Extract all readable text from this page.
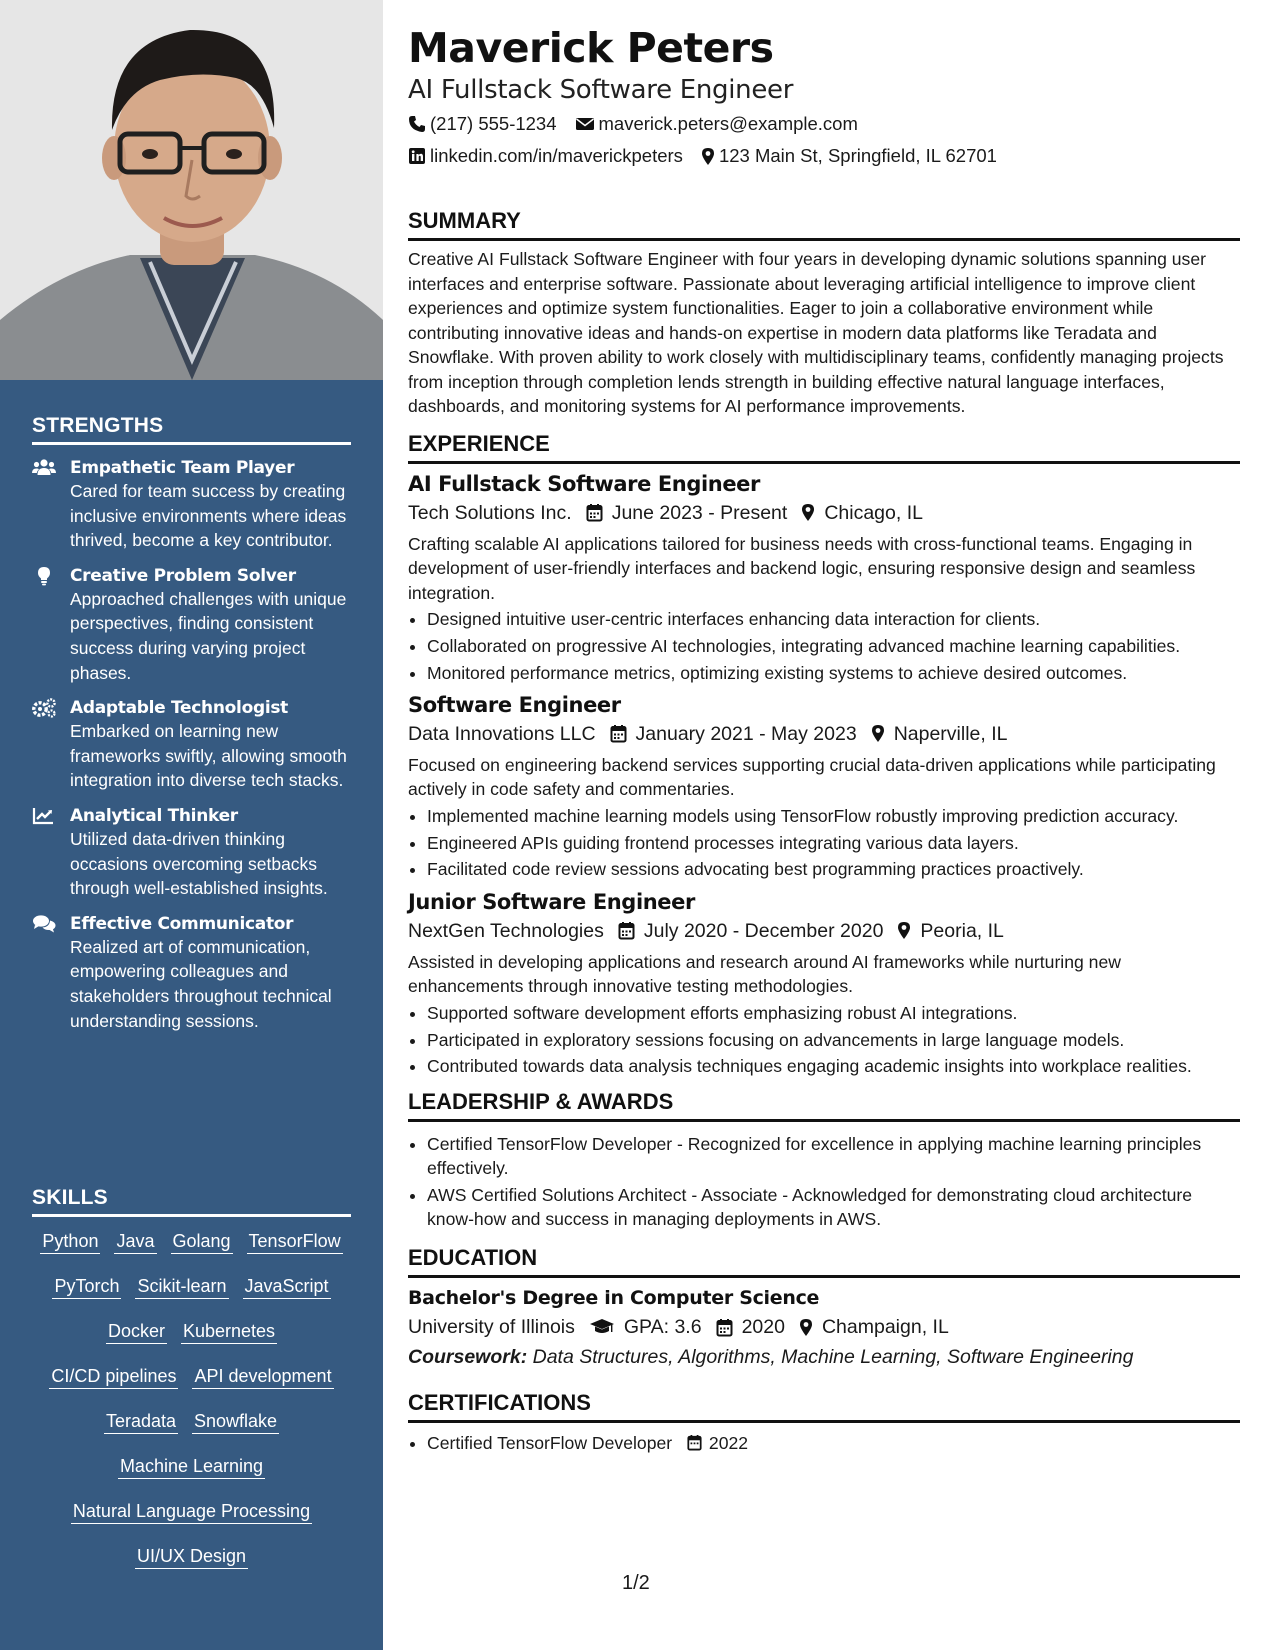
STRENGTHS
Empathetic Team Player
Cared for team success by creating inclusive environments where ideas thrived, become a key contributor.
Creative Problem Solver
Approached challenges with unique perspectives, finding consistent success during varying project phases.
Adaptable Technologist
Embarked on learning new frameworks swiftly, allowing smooth integration into diverse tech stacks.
Analytical Thinker
Utilized data-driven thinking occasions overcoming setbacks through well-established insights.
Effective Communicator
Realized art of communication, empowering colleagues and stakeholders throughout technical understanding sessions.
SKILLS
Python Java Golang TensorFlow
PyTorch Scikit-learn JavaScript
Docker Kubernetes
CI/CD pipelines API development
Teradata Snowflake
Machine Learning
Natural Language Processing
UI/UX Design
Maverick Peters
AI Fullstack Software Engineer
(217) 555-1234 maverick.peters@example.com
linkedin.com/in/maverickpeters 123 Main St, Springfield, IL 62701
SUMMARY

Creative AI Fullstack Software Engineer with four years in developing dynamic solutions spanning user interfaces and enterprise software. Passionate about leveraging artificial intelligence to improve client experiences and optimize system functionalities. Eager to join a collaborative environment while contributing innovative ideas and hands-on expertise in modern data platforms like Teradata and Snowflake. With proven ability to work closely with multidisciplinary teams, confidently managing projects from inception through completion lends strength in building effective natural language interfaces, dashboards, and monitoring systems for AI performance improvements.

EXPERIENCE
AI Fullstack Software Engineer
Tech Solutions Inc. June 2023 - Present Chicago, IL

Crafting scalable AI applications tailored for business needs with cross-functional teams. Engaging in development of user-friendly interfaces and backend logic, ensuring responsive design and seamless integration.

• Designed intuitive user-centric interfaces enhancing data interaction for clients.
• Collaborated on progressive AI technologies, integrating advanced machine learning capabilities.
• Monitored performance metrics, optimizing existing systems to achieve desired outcomes.
Software Engineer
Data Innovations LLC January 2021 - May 2023 Naperville, IL

Focused on engineering backend services supporting crucial data-driven applications while participating actively in code safety and commentaries.

• Implemented machine learning models using TensorFlow robustly improving prediction accuracy.
• Engineered APIs guiding frontend processes integrating various data layers.
• Facilitated code review sessions advocating best programming practices proactively.
Junior Software Engineer
NextGen Technologies July 2020 - December 2020 Peoria, IL

Assisted in developing applications and research around AI frameworks while nurturing new enhancements through innovative testing methodologies.

• Supported software development efforts emphasizing robust AI integrations.
• Participated in exploratory sessions focusing on advancements in large language models.
• Contributed towards data analysis techniques engaging academic insights into workplace realities.
LEADERSHIP & AWARDS
• Certified TensorFlow Developer - Recognized for excellence in applying machine learning principles effectively.
• AWS Certified Solutions Architect - Associate - Acknowledged for demonstrating cloud architecture know-how and success in managing deployments in AWS.
EDUCATION
Bachelor's Degree in Computer Science
University of Illinois	GPA: 3.6 2020 Champaign, IL
Coursework: Data Structures, Algorithms, Machine Learning, Software Engineering
CERTIFICATIONS
• Certified TensorFlow Developer 2022
1/2
